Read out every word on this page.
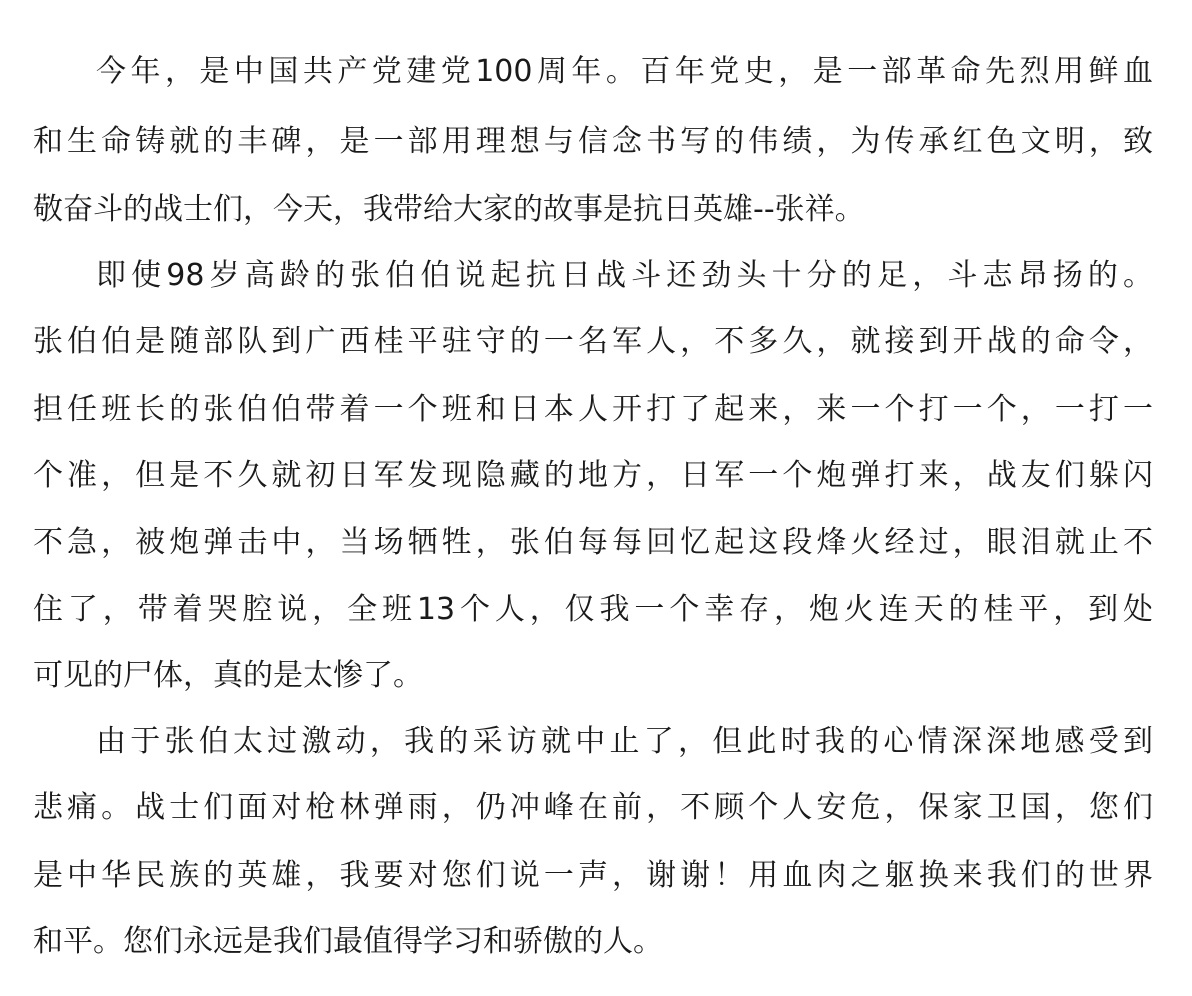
今年，是中国共产党建党100周年。百年党史，是一部革命先烈用鲜血
和生命铸就的丰碑，是一部用理想与信念书写的伟绩，为传承红色文明，致
敬奋斗的战士们，今天，我带给大家的故事是抗日英雄--张祥。
即使98岁高龄的张伯伯说起抗日战斗还劲头十分的足，斗志昂扬的。
张伯伯是随部队到广西桂平驻守的一名军人，不多久，就接到开战的命令，
担任班长的张伯伯带着一个班和日本人开打了起来，来一个打一个，一打一
个准，但是不久就初日军发现隐藏的地方，日军一个炮弹打来，战友们躲闪
不急，被炮弹击中，当场牺牲，张伯每每回忆起这段烽火经过，眼泪就止不
住了，带着哭腔说，全班13个人，仅我一个幸存，炮火连天的桂平，到处
可见的尸体，真的是太惨了。
由于张伯太过激动，我的采访就中止了，但此时我的心情深深地感受到
悲痛。战士们面对枪林弹雨，仍冲峰在前，不顾个人安危，保家卫国，您们
是中华民族的英雄，我要对您们说一声，谢谢！用血肉之躯换来我们的世界
和平。您们永远是我们最值得学习和骄傲的人。
